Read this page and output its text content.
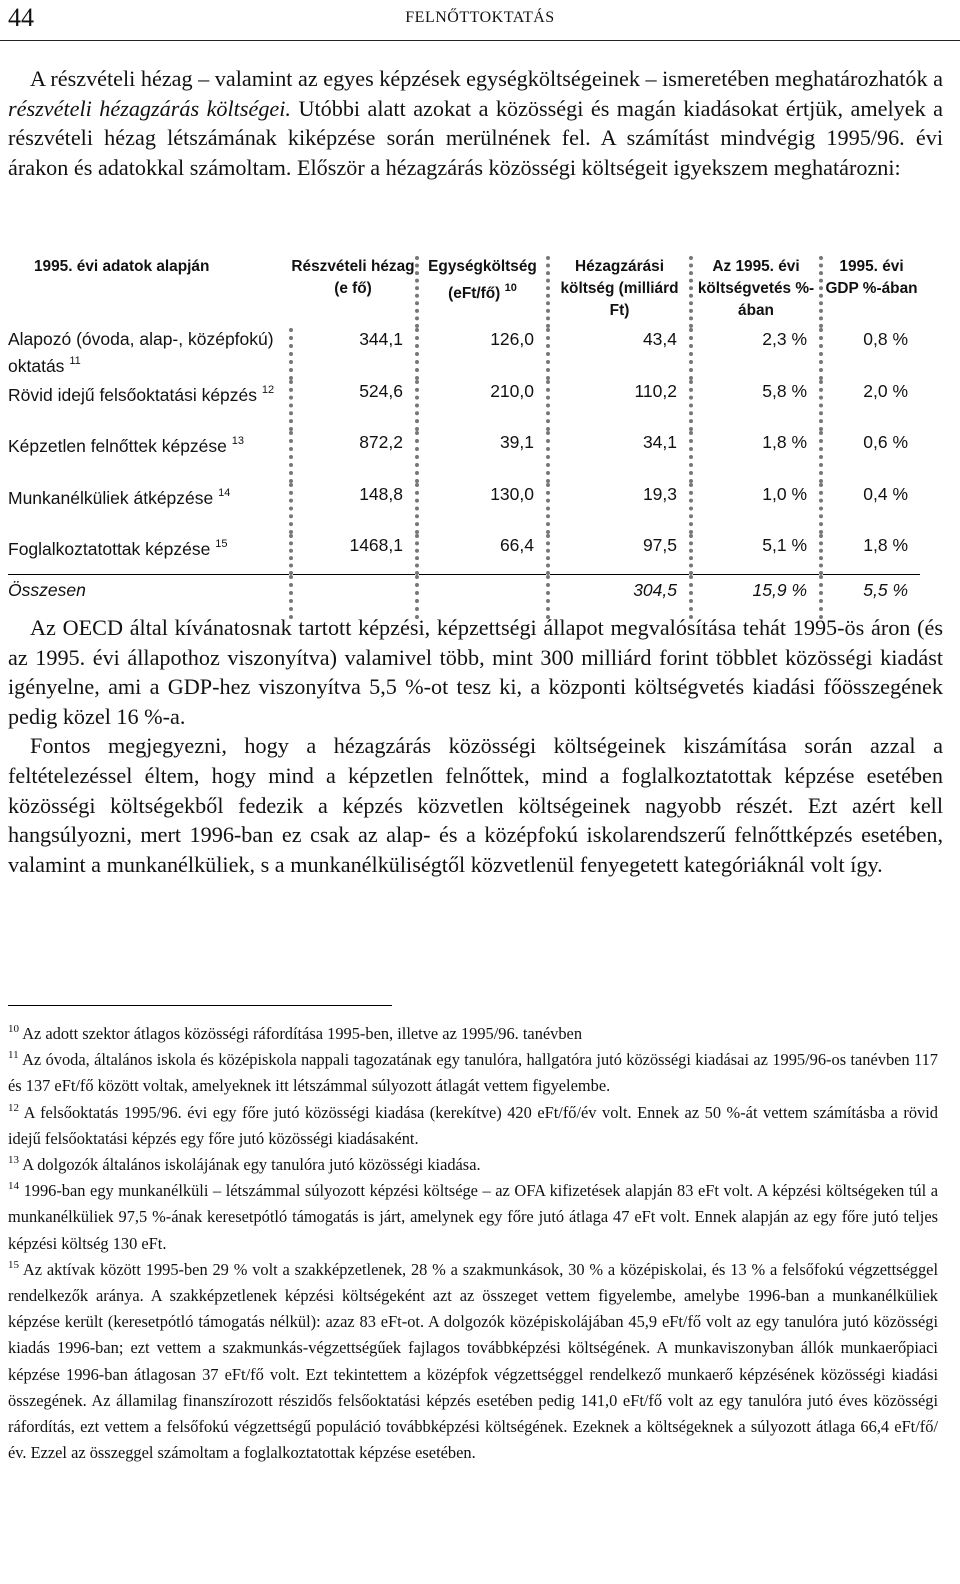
44	FELNŐTTOKTATÁS

A részvételi hézag – valamint az egyes képzések egységköltségeinek – ismeretében meghatározhatók a részvételi hézagzárás költségei. Utóbbi alatt azokat a közösségi és magán kiadásokat értjük, amelyek a részvételi hézag létszámának kiképzése során merülnének fel. A számítást mindvégig 1995/96. évi árakon és adatokkal számoltam. Először a hézagzárás közösségi költségeit igyekszem meghatározni:

1995. évi adatok alapján	Részvételi hézag (e fő)	Egységköltség (eFt/fő) $^{10}$	Hézagzárási költség (milliárd Ft)	Az 1995. évi költségvetés %-ában	1995. évi GDP %-ában
Alapozó (óvoda, alap-, középfokú) oktatás $^{11}$	344,1	126,0	43,4	2,3 %	0,8 %
Rövid idejű felsőoktatási képzés $^{12}$	524,6	210,0	110,2	5,8 %	2,0 %
Képzetlen felnőttek képzése $^{13}$	872,2	39,1	34,1	1,8 %	0,6 %
Munkanélküliek átképzése $^{14}$	148,8	130,0	19,3	1,0 %	0,4 %
Foglalkoztatottak képzése $^{15}$	1468,1	66,4	97,5	5,1 %	1,8 %
Összesen			304,5	15,9 %	5,5 %

Az OECD által kívánatosnak tartott képzési, képzettségi állapot megvalósítása tehát 1995-ös áron (és az 1995. évi állapothoz viszonyítva) valamivel több, mint 300 milliárd forint többlet közösségi kiadást igényelne, ami a GDP-hez viszonyítva 5,5 %-ot tesz ki, a központi költségvetés kiadási főösszegének pedig közel 16 %-a.

Fontos megjegyezni, hogy a hézagzárás közösségi költségeinek kiszámítása során azzal a feltételezéssel éltem, hogy mind a képzetlen felnőttek, mind a foglalkoztatottak képzése esetében közösségi költségekből fedezik a képzés közvetlen költségeinek nagyobb részét. Ezt azért kell hangsúlyozni, mert 1996-ban ez csak az alap- és a középfokú iskolarendszerű felnőttképzés esetében, valamint a munkanélküliek, s a munkanélküliségtől közvetlenül fenyegetett kategóriáknál volt így.

$^{10}$ Az adott szektor átlagos közösségi ráfordítása 1995-ben, illetve az 1995/96. tanévben

$^{11}$ Az óvoda, általános iskola és középiskola nappali tagozatának egy tanulóra, hallgatóra jutó közösségi kiadásai az 1995/96-os tanévben 117 és 137 eFt/fő között voltak, amelyeknek itt létszámmal súlyozott átlagát vettem figyelembe.

$^{12}$ A felsőoktatás 1995/96. évi egy főre jutó közösségi kiadása (kerekítve) 420 eFt/fő/év volt. Ennek az 50 %-át vettem számításba a rövid idejű felsőoktatási képzés egy főre jutó közösségi kiadásaként.

$^{13}$ A dolgozók általános iskolájának egy tanulóra jutó közösségi kiadása.

$^{14}$ 1996-ban egy munkanélküli – létszámmal súlyozott képzési költsége – az OFA kifizetések alapján 83 eFt volt. A képzési költségeken túl a munkanélküliek 97,5 %-ának keresetpótló támogatás is járt, amelynek egy főre jutó átlaga 47 eFt volt. Ennek alapján az egy főre jutó teljes képzési költség 130 eFt.

$^{15}$ Az aktívak között 1995-ben 29 % volt a szakképzetlenek, 28 % a szakmunkások, 30 % a középiskolai, és 13 % a felsőfokú végzettséggel rendelkezők aránya. A szakképzetlenek képzési költségeként azt az összeget vettem figyelembe, amelybe 1996-ban a munkanélküliek képzése került (keresetpótló támogatás nélkül): azaz 83 eFt-ot. A dolgozók középiskolájában 45,9 eFt/fő volt az egy tanulóra jutó közösségi kiadás 1996-ban; ezt vettem a szakmunkás-végzettségűek fajlagos továbbképzési költségének. A munkaviszonyban állók munkaerőpiaci képzése 1996-ban átlagosan 37 eFt/fő volt. Ezt tekintettem a középfok végzettséggel rendelkező munkaerő képzésének közösségi kiadási összegének. Az államilag finanszírozott részidős felsőoktatási képzés esetében pedig 141,0 eFt/fő volt az egy tanulóra jutó éves közösségi ráfordítás, ezt vettem a felsőfokú végzettségű populáció továbbképzési költségének. Ezeknek a költségeknek a súlyozott átlaga 66,4 eFt/fő/év. Ezzel az összeggel számoltam a foglalkoztatottak képzése esetében.
